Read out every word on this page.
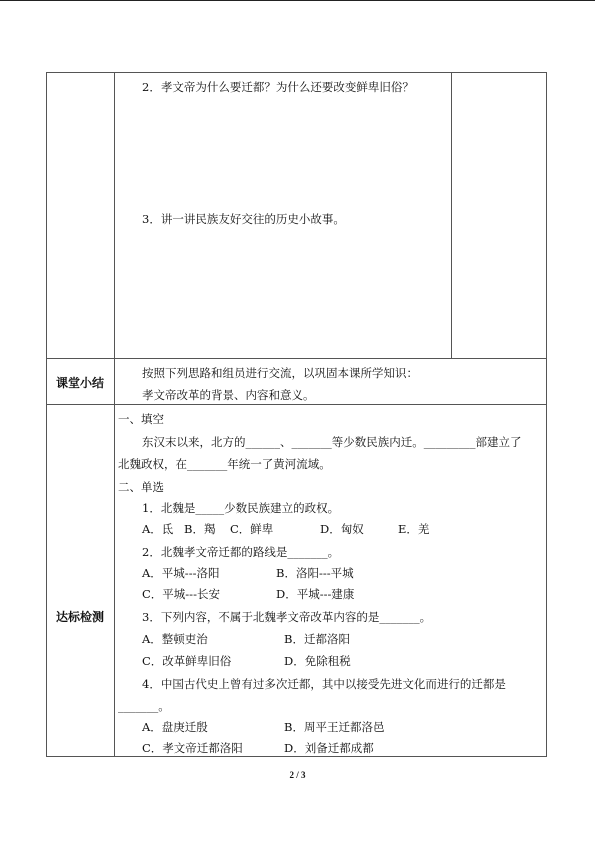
2．孝文帝为什么要迁都？为什么还要改变鲜卑旧俗？
3．讲一讲民族友好交往的历史小故事。
课堂小结
按照下列思路和组员进行交流，以巩固本课所学知识：
孝文帝改革的背景、内容和意义。
达标检测
一、填空
东汉末以来，北方的______、_______等少数民族内迁。_________部建立了
北魏政权，在_______年统一了黄河流域。
二、单选
1．北魏是_____少数民族建立的政权。
A．氐 B．羯 C．鲜卑	D．匈奴	E．羌
2．北魏孝文帝迁都的路线是_______。
A．平城---洛阳	B．洛阳---平城
C．平城---长安	D．平城---建康
3．下列内容，不属于北魏孝文帝改革内容的是_______。
A．整顿吏治	B．迁都洛阳
C．改革鲜卑旧俗	D．免除租税
4．中国古代史上曾有过多次迁都，其中以接受先进文化而进行的迁都是
_______。
A．盘庚迁殷	B．周平王迁都洛邑
C．孝文帝迁都洛阳	D．刘备迁都成都
2 / 3
